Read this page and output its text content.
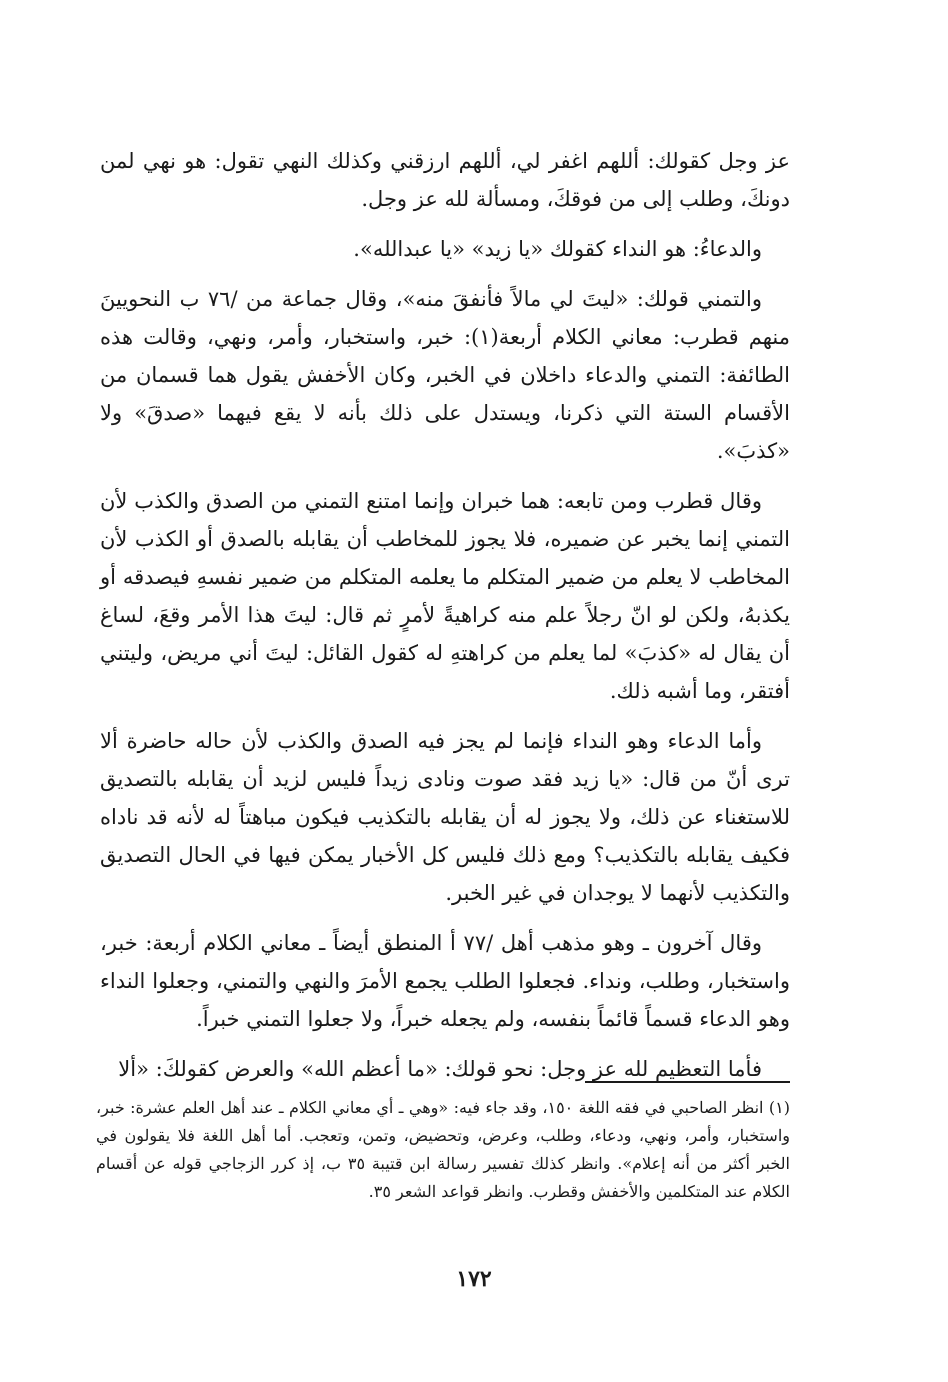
عز وجل كقولك: أللهم اغفر لي، أللهم ارزقني وكذلك النهي تقول: هو نهي لمن دونكَ، وطلب إلى من فوقكَ، ومسألة لله عز وجل.

والدعاءُ: هو النداء كقولك «يا زيد» «يا عبدالله».

والتمني قولك: «ليتَ لي مالاً فأنفقَ منه»، وقال جماعة من /٧٦ ب النحويينَ منهم قطرب: معاني الكلام أربعة(١): خبر، واستخبار، وأمر، ونهي، وقالت هذه الطائفة: التمني والدعاء داخلان في الخبر، وكان الأخفش يقول هما قسمان من الأقسام الستة التي ذكرنا، ويستدل على ذلك بأنه لا يقع فيهما «صدقَ» ولا «كذبَ».

وقال قطرب ومن تابعه: هما خبران وإنما امتنع التمني من الصدق والكذب لأن التمني إنما يخبر عن ضميره، فلا يجوز للمخاطب أن يقابله بالصدق أو الكذب لأن المخاطب لا يعلم من ضمير المتكلم ما يعلمه المتكلم من ضمير نفسهِ فيصدقه أو يكذبهُ، ولكن لو انّ رجلاً علم منه كراهيةً لأمرٍ ثم قال: ليتَ هذا الأمر وقعَ، لساغ أن يقال له «كذبَ» لما يعلم من كراهتهِ له كقول القائل: ليتَ أني مريض، وليتني أفتقر، وما أشبه ذلك.

وأما الدعاء وهو النداء فإنما لم يجز فيه الصدق والكذب لأن حاله حاضرة ألا ترى أنّ من قال: «يا زيد فقد صوت ونادى زيداً فليس لزيد أن يقابله بالتصديق للاستغناء عن ذلك، ولا يجوز له أن يقابله بالتكذيب فيكون مباهتاً له لأنه قد ناداه فكيف يقابله بالتكذيب؟ ومع ذلك فليس كل الأخبار يمكن فيها في الحال التصديق والتكذيب لأنهما لا يوجدان في غير الخبر.

وقال آخرون ـ وهو مذهب أهل /٧٧ أ المنطق أيضاً ـ معاني الكلام أربعة: خبر، واستخبار، وطلب، ونداء. فجعلوا الطلب يجمع الأمرَ والنهي والتمني، وجعلوا النداء وهو الدعاء قسماً قائماً بنفسه، ولم يجعله خبراً، ولا جعلوا التمني خبراً.

فأما التعظيم لله عز وجل: نحو قولك: «ما أعظم الله» والعرض كقولكَ: «ألا

(١) انظر الصاحبي في فقه اللغة ١٥٠، وقد جاء فيه: «وهي ـ أي معاني الكلام ـ عند أهل العلم عشرة: خبر، واستخبار، وأمر، ونهي، ودعاء، وطلب، وعرض، وتحضيض، وتمن، وتعجب. أما أهل اللغة فلا يقولون في الخبر أكثر من أنه إعلام». وانظر كذلك تفسير رسالة ابن قتيبة ٣٥ ب، إذ كرر الزجاجي قوله عن أقسام الكلام عند المتكلمين والأخفش وقطرب. وانظر قواعد الشعر ٣٥.

١٧٢
